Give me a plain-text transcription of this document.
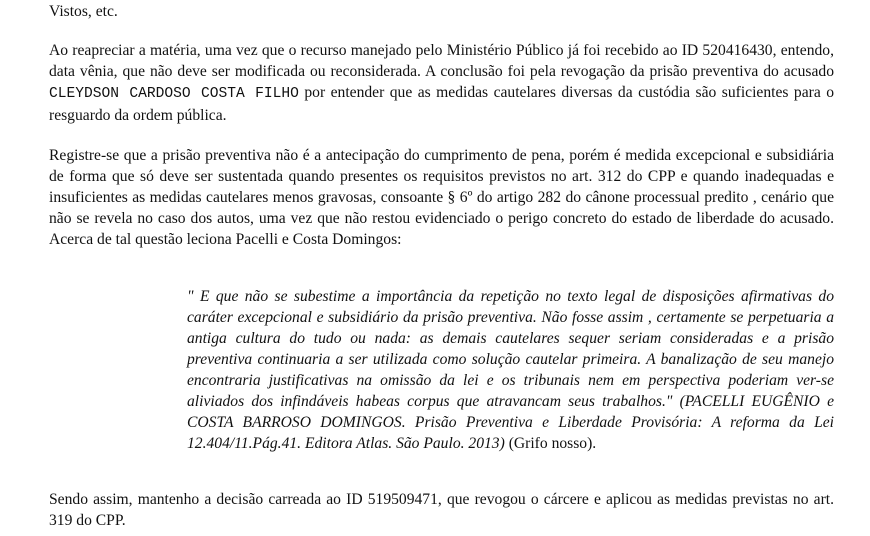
Vistos, etc.

Ao reapreciar a matéria, uma vez que o recurso manejado pelo Ministério Público já foi recebido ao ID 520416430, entendo, data vênia, que não deve ser modificada ou reconsiderada. A conclusão foi pela revogação da prisão preventiva do acusado CLEYDSON CARDOSO COSTA FILHO por entender que as medidas cautelares diversas da custódia são suficientes para o resguardo da ordem pública.

Registre-se que a prisão preventiva não é a antecipação do cumprimento de pena, porém é medida excepcional e subsidiária de forma que só deve ser sustentada quando presentes os requisitos previstos no art. 312 do CPP e quando inadequadas e insuficientes as medidas cautelares menos gravosas, consoante § 6º do artigo 282 do cânone processual predito , cenário que não se revela no caso dos autos, uma vez que não restou evidenciado o perigo concreto do estado de liberdade do acusado. Acerca de tal questão leciona Pacelli e Costa Domingos:

" E que não se subestime a importância da repetição no texto legal de disposições afirmativas do caráter excepcional e subsidiário da prisão preventiva. Não fosse assim , certamente se perpetuaria a antiga cultura do tudo ou nada: as demais cautelares sequer seriam consideradas e a prisão preventiva continuaria a ser utilizada como solução cautelar primeira. A banalização de seu manejo encontraria justificativas na omissão da lei e os tribunais nem em perspectiva poderiam ver-se aliviados dos infindáveis habeas corpus que atravancam seus trabalhos." (PACELLI EUGÊNIO e COSTA BARROSO DOMINGOS. Prisão Preventiva e Liberdade Provisória: A reforma da Lei 12.404/11.Pág.41. Editora Atlas. São Paulo. 2013) (Grifo nosso).

Sendo assim, mantenho a decisão carreada ao ID 519509471, que revogou o cárcere e aplicou as medidas previstas no art. 319 do CPP.
